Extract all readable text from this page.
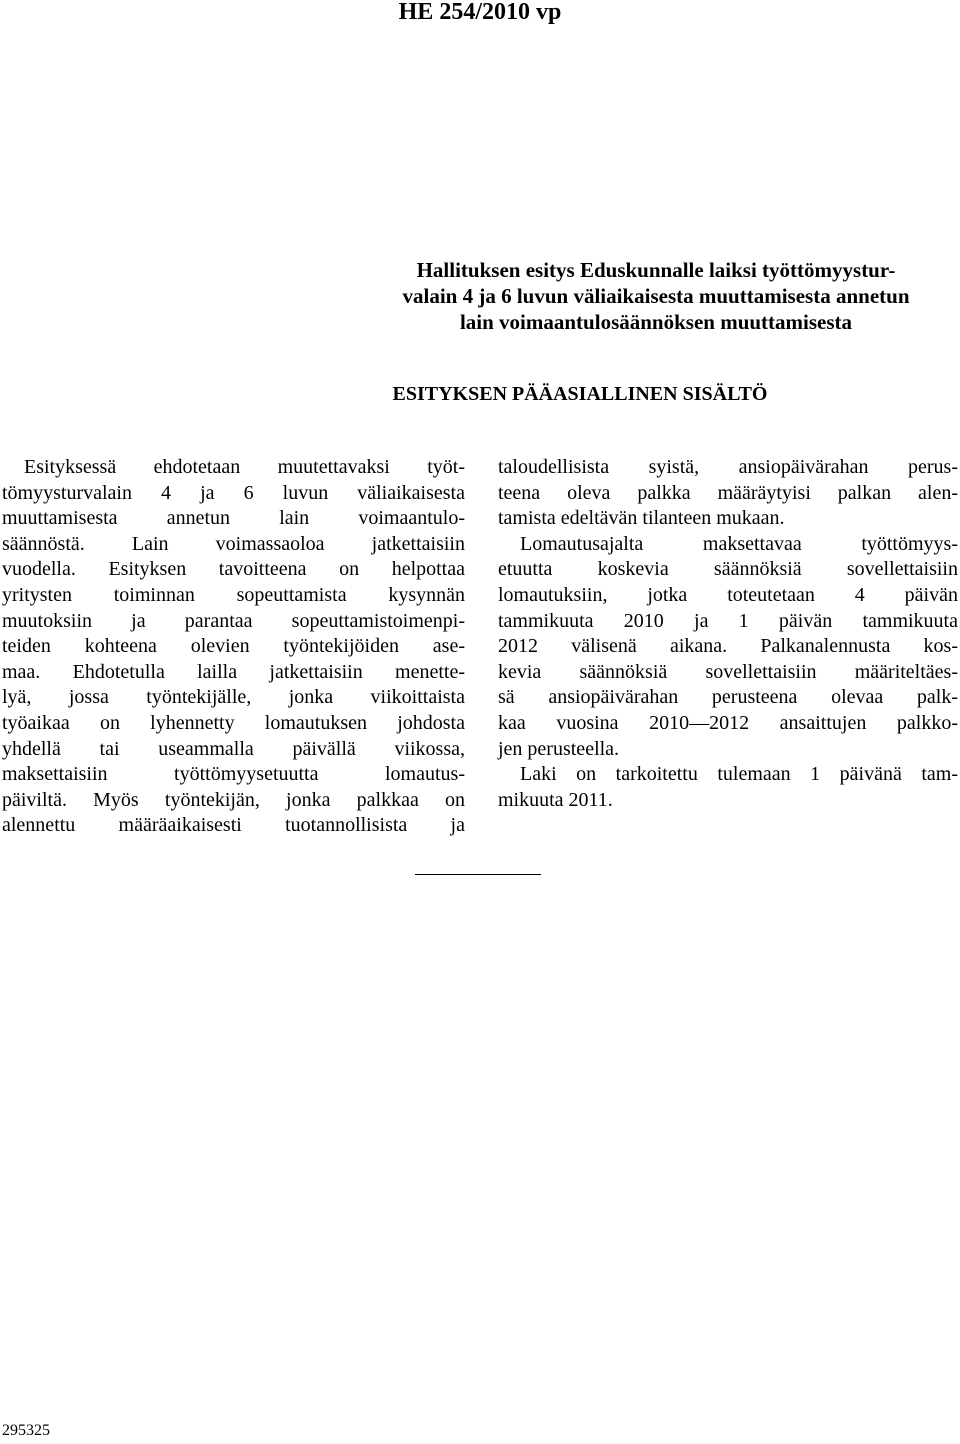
HE 254/2010 vp
Hallituksen esitys Eduskunnalle laiksi työttömyystur-
valain 4 ja 6 luvun väliaikaisesta muuttamisesta annetun
lain voimaantulosäännöksen muuttamisesta
ESITYKSEN PÄÄASIALLINEN SISÄLTÖ

Esityksessä ehdotetaan muutettavaksi työt-
tömyysturvalain 4 ja 6 luvun väliaikaisesta
muuttamisesta annetun lain voimaantulo-
säännöstä. Lain voimassaoloa jatkettaisiin
vuodella. Esityksen tavoitteena on helpottaa
yritysten toiminnan sopeuttamista kysynnän
muutoksiin ja parantaa sopeuttamistoimenpi-
teiden kohteena olevien työntekijöiden ase-
maa. Ehdotetulla lailla jatkettaisiin menette-
lyä, jossa työntekijälle, jonka viikoittaista
työaikaa on lyhennetty lomautuksen johdosta
yhdellä tai useammalla päivällä viikossa,
maksettaisiin työttömyysetuutta lomautus-
päiviltä. Myös työntekijän, jonka palkkaa on
alennettu määräaikaisesti tuotannollisista ja

taloudellisista syistä, ansiopäivärahan perus-
teena oleva palkka määräytyisi palkan alen-
tamista edeltävän tilanteen mukaan.

Lomautusajalta maksettavaa työttömyys-
etuutta koskevia säännöksiä sovellettaisiin
lomautuksiin, jotka toteutetaan 4 päivän
tammikuuta 2010 ja 1 päivän tammikuuta
2012 välisenä aikana. Palkanalennusta kos-
kevia säännöksiä sovellettaisiin määriteltäes-
sä ansiopäivärahan perusteena olevaa palk-
kaa vuosina 2010—2012 ansaittujen palkko-
jen perusteella.

Laki on tarkoitettu tulemaan 1 päivänä tam-
mikuuta 2011.

295325
